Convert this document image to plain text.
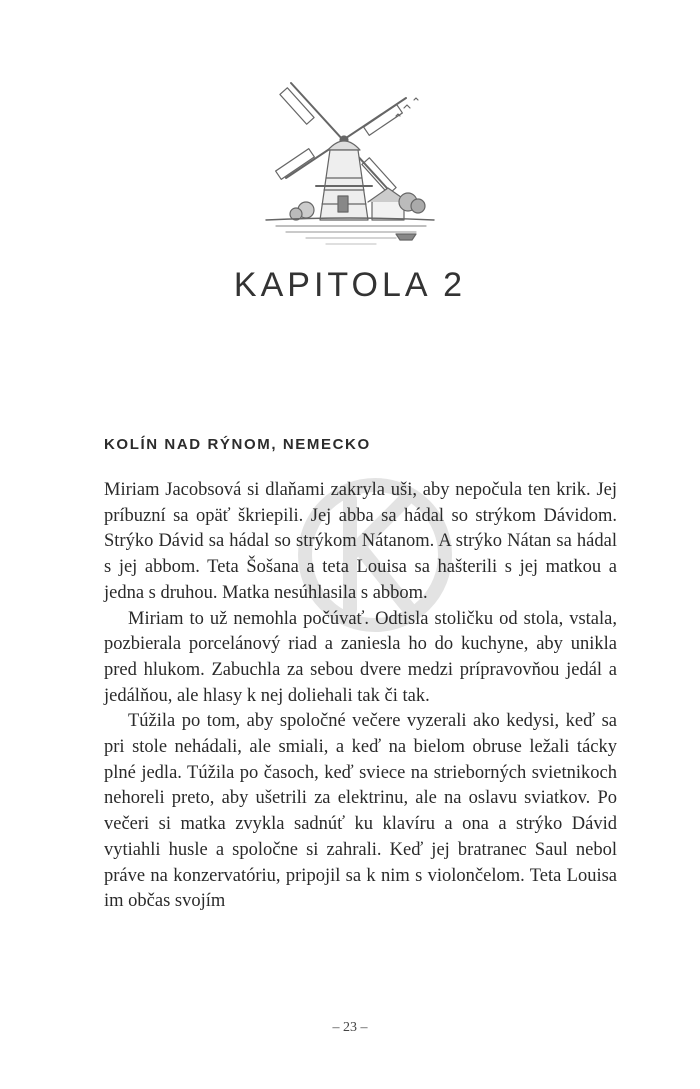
KAPITOLA 2
KOLÍN NAD RÝNOM, NEMECKO

Miriam Jacobsová si dlaňami zakryla uši, aby nepočula ten krik. Jej príbuzní sa opäť škriepili. Jej abba sa hádal so strýkom Dávidom. Strýko Dávid sa hádal so strýkom Nátanom. A strýko Nátan sa hádal s jej abbom. Teta Šošana a teta Louisa sa hašterili s jej matkou a jedna s druhou. Matka nesúhlasila s abbom.

Miriam to už nemohla počúvať. Odtisla stoličku od stola, vstala, pozbierala porcelánový riad a zaniesla ho do kuchyne, aby unikla pred hlukom. Zabuchla za sebou dvere medzi prípravovňou jedál a jedálňou, ale hlasy k nej doliehali tak či tak.

Túžila po tom, aby spoločné večere vyzerali ako kedysi, keď sa pri stole nehádali, ale smiali, a keď na bielom obruse ležali tácky plné jedla. Túžila po časoch, keď sviece na strieborných svietnikoch nehoreli preto, aby ušetrili za elektrinu, ale na oslavu sviatkov. Po večeri si matka zvykla sadnúť ku klavíru a ona a strýko Dávid vytiahli husle a spoločne si zahrali. Keď jej bratranec Saul nebol práve na konzervatóriu, pripojil sa k nim s violončelom. Teta Louisa im občas svojím

– 23 –
